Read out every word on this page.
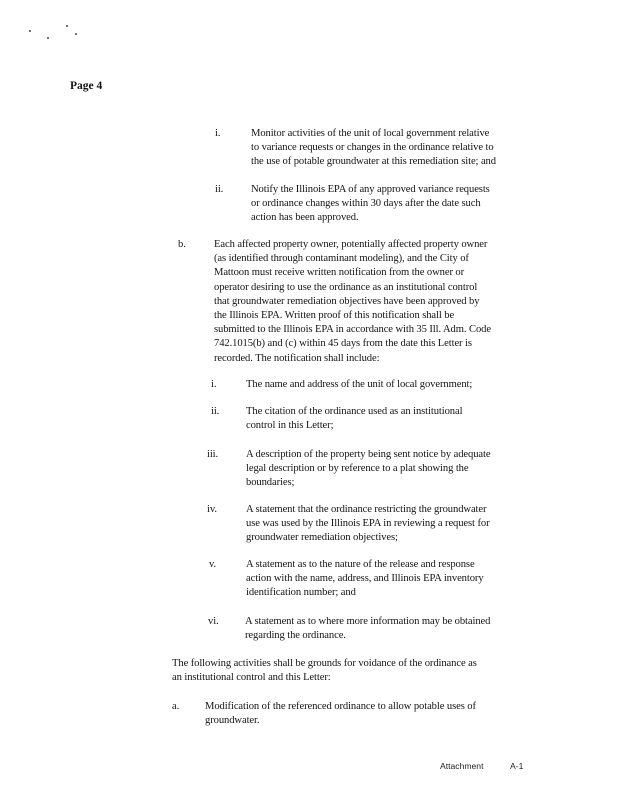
Page 4
i.	Monitor activities of the unit of local government relative
to variance requests or changes in the ordinance relative to
the use of potable groundwater at this remediation site; and
ii.	Notify the Illinois EPA of any approved variance requests
or ordinance changes within 30 days after the date such
action has been approved.
b.	Each affected property owner, potentially affected property owner
(as identified through contaminant modeling), and the City of
Mattoon must receive written notification from the owner or
operator desiring to use the ordinance as an institutional control
that groundwater remediation objectives have been approved by
the Illinois EPA. Written proof of this notification shall be
submitted to the Illinois EPA in accordance with 35 Ill. Adm. Code
742.1015(b) and (c) within 45 days from the date this Letter is
recorded. The notification shall include:
i.	The name and address of the unit of local government;
ii.	The citation of the ordinance used as an institutional
control in this Letter;
iii.	A description of the property being sent notice by adequate
legal description or by reference to a plat showing the
boundaries;
iv.	A statement that the ordinance restricting the groundwater
use was used by the Illinois EPA in reviewing a request for
groundwater remediation objectives;
v.	A statement as to the nature of the release and response
action with the name, address, and Illinois EPA inventory
identification number; and
vi. A statement as to where more information may be obtained
regarding the ordinance.
The following activities shall be grounds for voidance of the ordinance as
an institutional control and this Letter:
a. Modification of the referenced ordinance to allow potable uses of
groundwater.
Attachment	A-1
